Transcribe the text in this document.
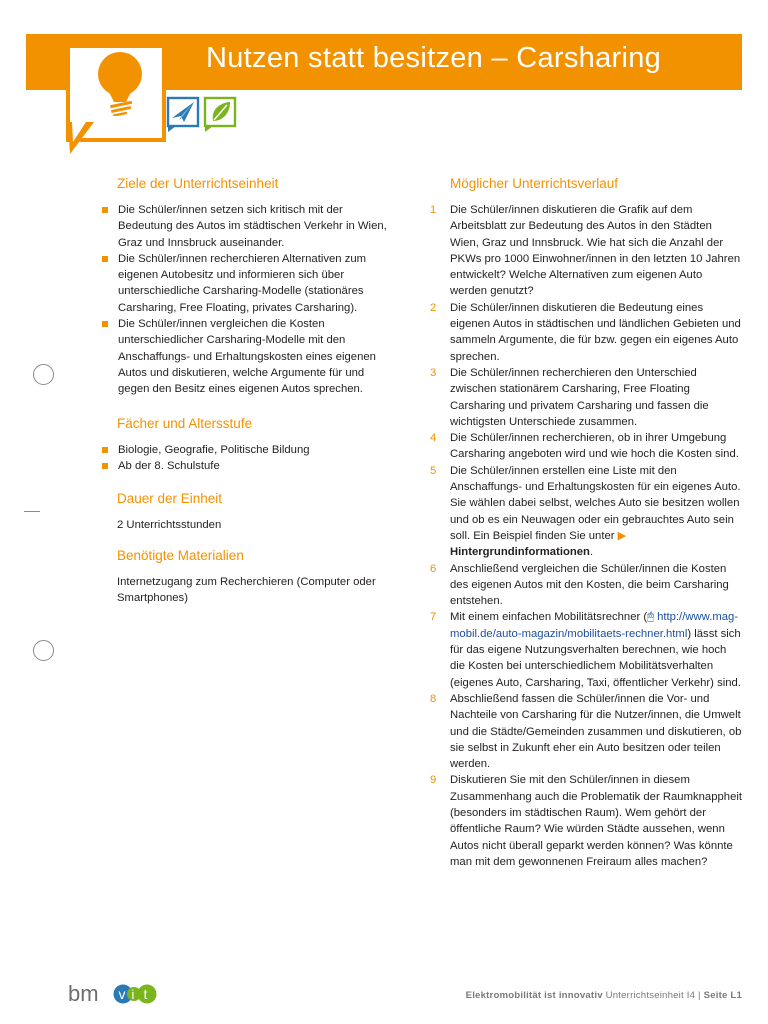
Nutzen statt besitzen – Carsharing
Ziele der Unterrichtseinheit
Die Schüler/innen setzen sich kritisch mit der Bedeutung des Autos im städtischen Verkehr in Wien, Graz und Innsbruck auseinander.
Die Schüler/innen recherchieren Alternativen zum eigenen Autobesitz und informieren sich über unterschiedliche Carsharing-Modelle (stationäres Carsharing, Free Floating, privates Carsharing).
Die Schüler/innen vergleichen die Kosten unterschiedlicher Carsharing-Modelle mit den Anschaffungs- und Erhaltungskosten eines eigenen Autos und diskutieren, welche Argumente für und gegen den Besitz eines eigenen Autos sprechen.
Fächer und Altersstufe
Biologie, Geografie, Politische Bildung
Ab der 8. Schulstufe
Dauer der Einheit
2 Unterrichtsstunden
Benötigte Materialien
Internetzugang zum Recherchieren (Computer oder Smartphones)
Möglicher Unterrichtsverlauf
1 Die Schüler/innen diskutieren die Grafik auf dem Arbeitsblatt zur Bedeutung des Autos in den Städten Wien, Graz und Innsbruck. Wie hat sich die Anzahl der PKWs pro 1000 Einwohner/innen in den letzten 10 Jahren entwickelt? Welche Alternativen zum eigenen Auto werden genutzt?
2 Die Schüler/innen diskutieren die Bedeutung eines eigenen Autos in städtischen und ländlichen Gebieten und sammeln Argumente, die für bzw. gegen ein eigenes Auto sprechen.
3 Die Schüler/innen recherchieren den Unterschied zwischen stationärem Carsharing, Free Floating Carsharing und privatem Carsharing und fassen die wichtigsten Unterschiede zusammen.
4 Die Schüler/innen recherchieren, ob in ihrer Umgebung Carsharing angeboten wird und wie hoch die Kosten sind.
5 Die Schüler/innen erstellen eine Liste mit den Anschaffungs- und Erhaltungskosten für ein eigenes Auto. Sie wählen dabei selbst, welches Auto sie besitzen wollen und ob es ein Neuwagen oder ein gebrauchtes Auto sein soll. Ein Beispiel finden Sie unter ▶ Hintergrundinformationen.
6 Anschließend vergleichen die Schüler/innen die Kosten des eigenen Autos mit den Kosten, die beim Carsharing entstehen.
7 Mit einem einfachen Mobilitätsrechner (🖱 http://www.mag-mobil.de/auto-magazin/mobilitaets-rechner.html) lässt sich für das eigene Nutzungsverhalten berechnen, wie hoch die Kosten bei unterschiedlichem Mobilitätsverhalten (eigenes Auto, Carsharing, Taxi, öffentlicher Verkehr) sind.
8 Abschließend fassen die Schüler/innen die Vor- und Nachteile von Carsharing für die Nutzer/innen, die Umwelt und die Städte/Gemeinden zusammen und diskutieren, ob sie selbst in Zukunft eher ein Auto besitzen oder teilen werden.
9 Diskutieren Sie mit den Schüler/innen in diesem Zusammenhang auch die Problematik der Raumknappheit (besonders im städtischen Raum). Wem gehört der öffentliche Raum? Wie würden Städte aussehen, wenn Autos nicht überall geparkt werden können? Was könnte man mit dem gewonnenen Freiraum alles machen?
bm v i t	Elektromobilität ist innovativ Unterrichtseinheit I4 | Seite L1
